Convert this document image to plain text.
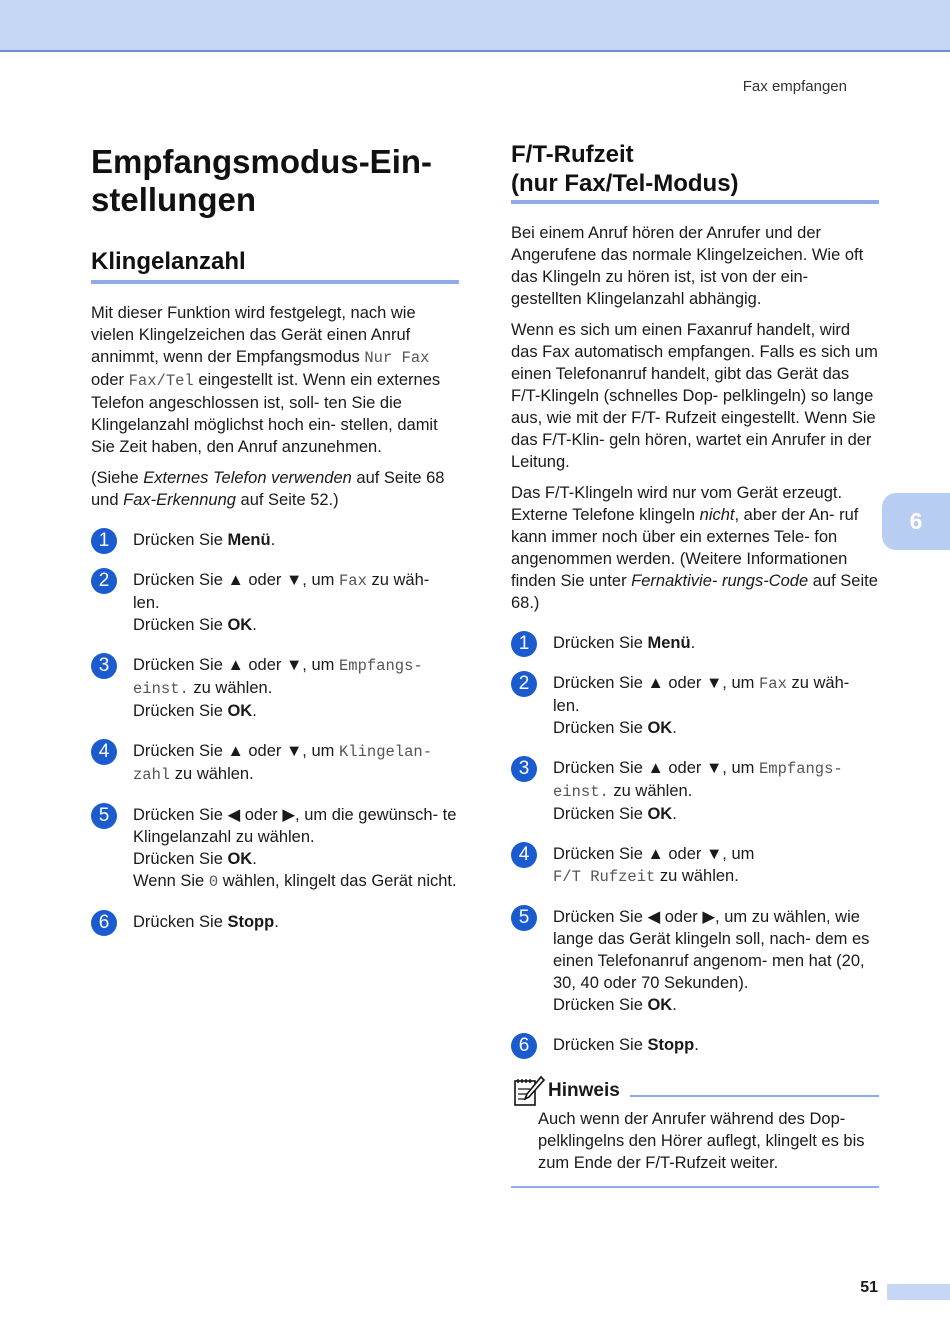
Fax empfangen
Empfangsmodus-Ein-
stellungen
Klingelanzahl

Mit dieser Funktion wird festgelegt, nach wie vielen Klingelzeichen das Gerät einen Anruf annimmt, wenn der Empfangsmodus Nur Fax oder Fax/Tel eingestellt ist. Wenn ein externes Telefon angeschlossen ist, soll- ten Sie die Klingelanzahl möglichst hoch ein- stellen, damit Sie Zeit haben, den Anruf anzunehmen.

(Siehe Externes Telefon verwenden auf Seite 68 und Fax-Erkennung auf Seite 52.)

1	Drücken Sie Menü.
2	Drücken Sie ▲ oder ▼, um Fax zu wäh- len.
Drücken Sie OK.
3	Drücken Sie ▲ oder ▼, um Empfangs- einst. zu wählen.
Drücken Sie OK.
4	Drücken Sie ▲ oder ▼, um Klingelan- zahl zu wählen.
5	Drücken Sie ◀ oder ▶, um die gewünsch- te Klingelanzahl zu wählen.
Drücken Sie OK.
Wenn Sie 0 wählen, klingelt das Gerät nicht.
6	Drücken Sie Stopp.
F/T-Rufzeit
(nur Fax/Tel-Modus)

Bei einem Anruf hören der Anrufer und der Angerufene das normale Klingelzeichen. Wie oft das Klingeln zu hören ist, ist von der ein- gestellten Klingelanzahl abhängig.

Wenn es sich um einen Faxanruf handelt, wird das Fax automatisch empfangen. Falls es sich um einen Telefonanruf handelt, gibt das Gerät das F/T-Klingeln (schnelles Dop- pelklingeln) so lange aus, wie mit der F/T- Rufzeit eingestellt. Wenn Sie das F/T-Klin- geln hören, wartet ein Anrufer in der Leitung.

Das F/T-Klingeln wird nur vom Gerät erzeugt. Externe Telefone klingeln nicht, aber der An- ruf kann immer noch über ein externes Tele- fon angenommen werden. (Weitere Informationen finden Sie unter Fernaktivie- rungs-Code auf Seite 68.)

1	Drücken Sie Menü.
2	Drücken Sie ▲ oder ▼, um Fax zu wäh- len.
Drücken Sie OK.
3	Drücken Sie ▲ oder ▼, um Empfangs- einst. zu wählen.
Drücken Sie OK.
4	Drücken Sie ▲ oder ▼, um
F/T Rufzeit zu wählen.
5	Drücken Sie ◀ oder ▶, um zu wählen, wie lange das Gerät klingeln soll, nach- dem es einen Telefonanruf angenom- men hat (20, 30, 40 oder 70 Sekunden).
Drücken Sie OK.
6	Drücken Sie Stopp.
Hinweis

Auch wenn der Anrufer während des Dop- pelklingelns den Hörer auflegt, klingelt es bis zum Ende der F/T-Rufzeit weiter.

6
51
